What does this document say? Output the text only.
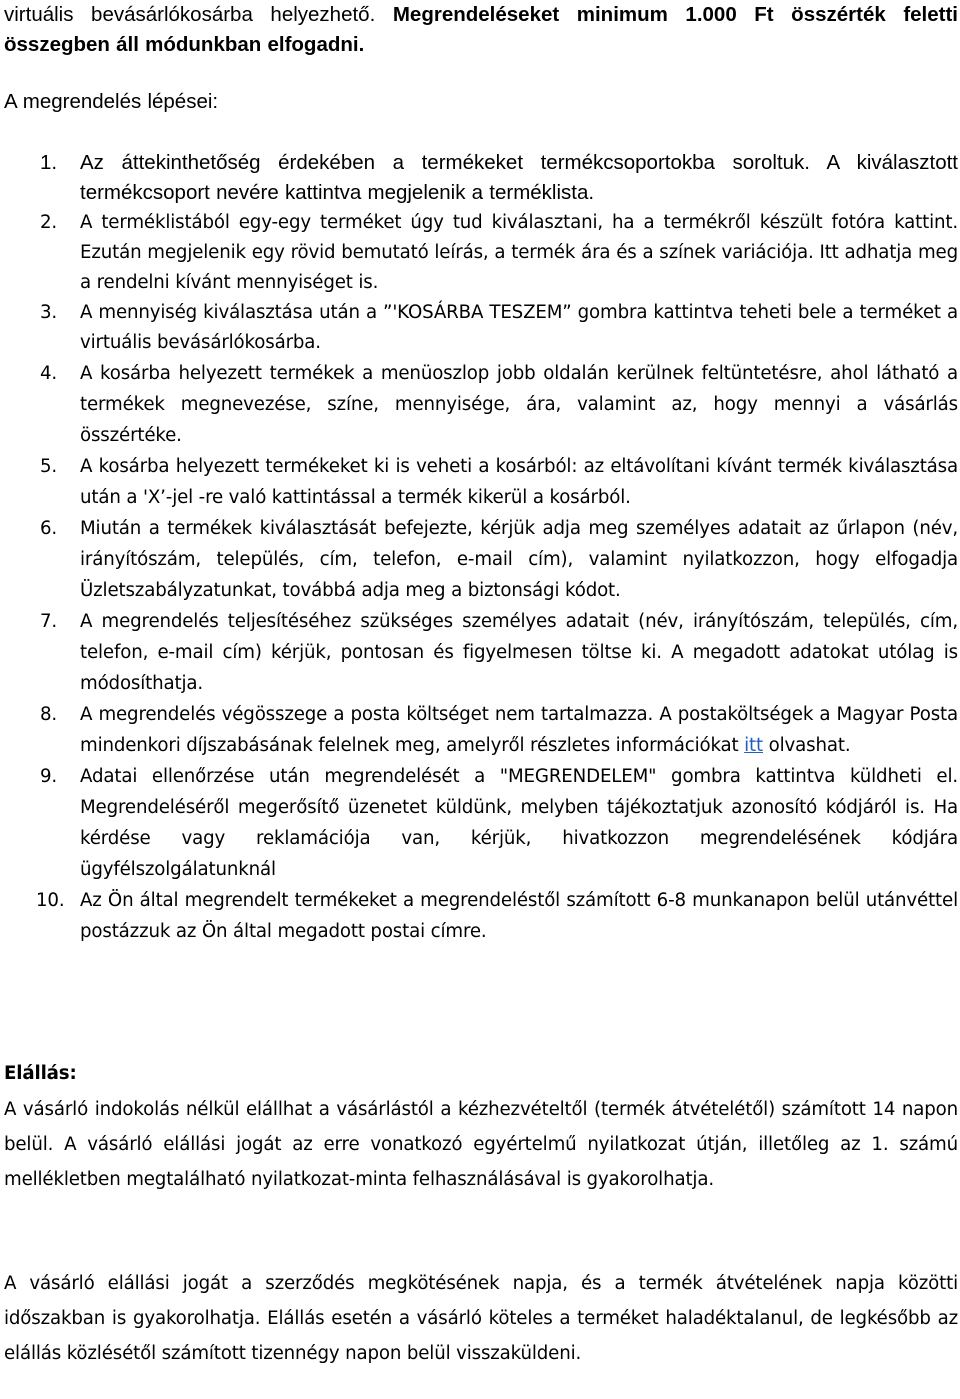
virtuális bevásárlókosárba helyezhető. Megrendeléseket minimum 1.000 Ft összérték feletti összegben áll módunkban elfogadni.

A megrendelés lépései:

1. Az áttekinthetőség érdekében a termékeket termékcsoportokba soroltuk. A kiválasztott termékcsoport nevére kattintva megjelenik a terméklista.
2. A terméklistából egy-egy terméket úgy tud kiválasztani, ha a termékről készült fotóra kattint. Ezután megjelenik egy rövid bemutató leírás, a termék ára és a színek variációja. Itt adhatja meg a rendelni kívánt mennyiséget is.
3. A mennyiség kiválasztása után a ”'KOSÁRBA TESZEM” gombra kattintva teheti bele a terméket a virtuális bevásárlókosárba.
4. A kosárba helyezett termékek a menüoszlop jobb oldalán kerülnek feltüntetésre, ahol látható a termékek megnevezése, színe, mennyisége, ára, valamint az, hogy mennyi a vásárlás összértéke.
5. A kosárba helyezett termékeket ki is veheti a kosárból: az eltávolítani kívánt termék kiválasztása után a 'X’-jel -re való kattintással a termék kikerül a kosárból.
6. Miután a termékek kiválasztását befejezte, kérjük adja meg személyes adatait az űrlapon (név, irányítószám, település, cím, telefon, e-mail cím), valamint nyilatkozzon, hogy elfogadja Üzletszabályzatunkat, továbbá adja meg a biztonsági kódot.
7. A megrendelés teljesítéséhez szükséges személyes adatait (név, irányítószám, település, cím, telefon, e-mail cím) kérjük, pontosan és figyelmesen töltse ki. A megadott adatokat utólag is módosíthatja.
8. A megrendelés végösszege a posta költséget nem tartalmazza. A postaköltségek a Magyar Posta mindenkori díjszabásának felelnek meg, amelyről részletes információkat itt olvashat.
9. Adatai ellenőrzése után megrendelését a "MEGRENDELEM" gombra kattintva küldheti el. Megrendeléséről megerősítő üzenetet küldünk, melyben tájékoztatjuk azonosító kódjáról is. Ha kérdése vagy reklamációja van, kérjük, hivatkozzon megrendelésének kódjára ügyfélszolgálatunknál
10. Az Ön által megrendelt termékeket a megrendeléstől számított 6-8 munkanapon belül utánvéttel postázzuk az Ön által megadott postai címre.

Elállás:

A vásárló indokolás nélkül elállhat a vásárlástól a kézhezvételtől (termék átvételétől) számított 14 napon belül. A vásárló elállási jogát az erre vonatkozó egyértelmű nyilatkozat útján, illetőleg az 1. számú mellékletben megtalálható nyilatkozat-minta felhasználásával is gyakorolhatja.

A vásárló elállási jogát a szerződés megkötésének napja, és a termék átvételének napja közötti időszakban is gyakorolhatja. Elállás esetén a vásárló köteles a terméket haladéktalanul, de legkésőbb az elállás közlésétől számított tizennégy napon belül visszaküldeni.
